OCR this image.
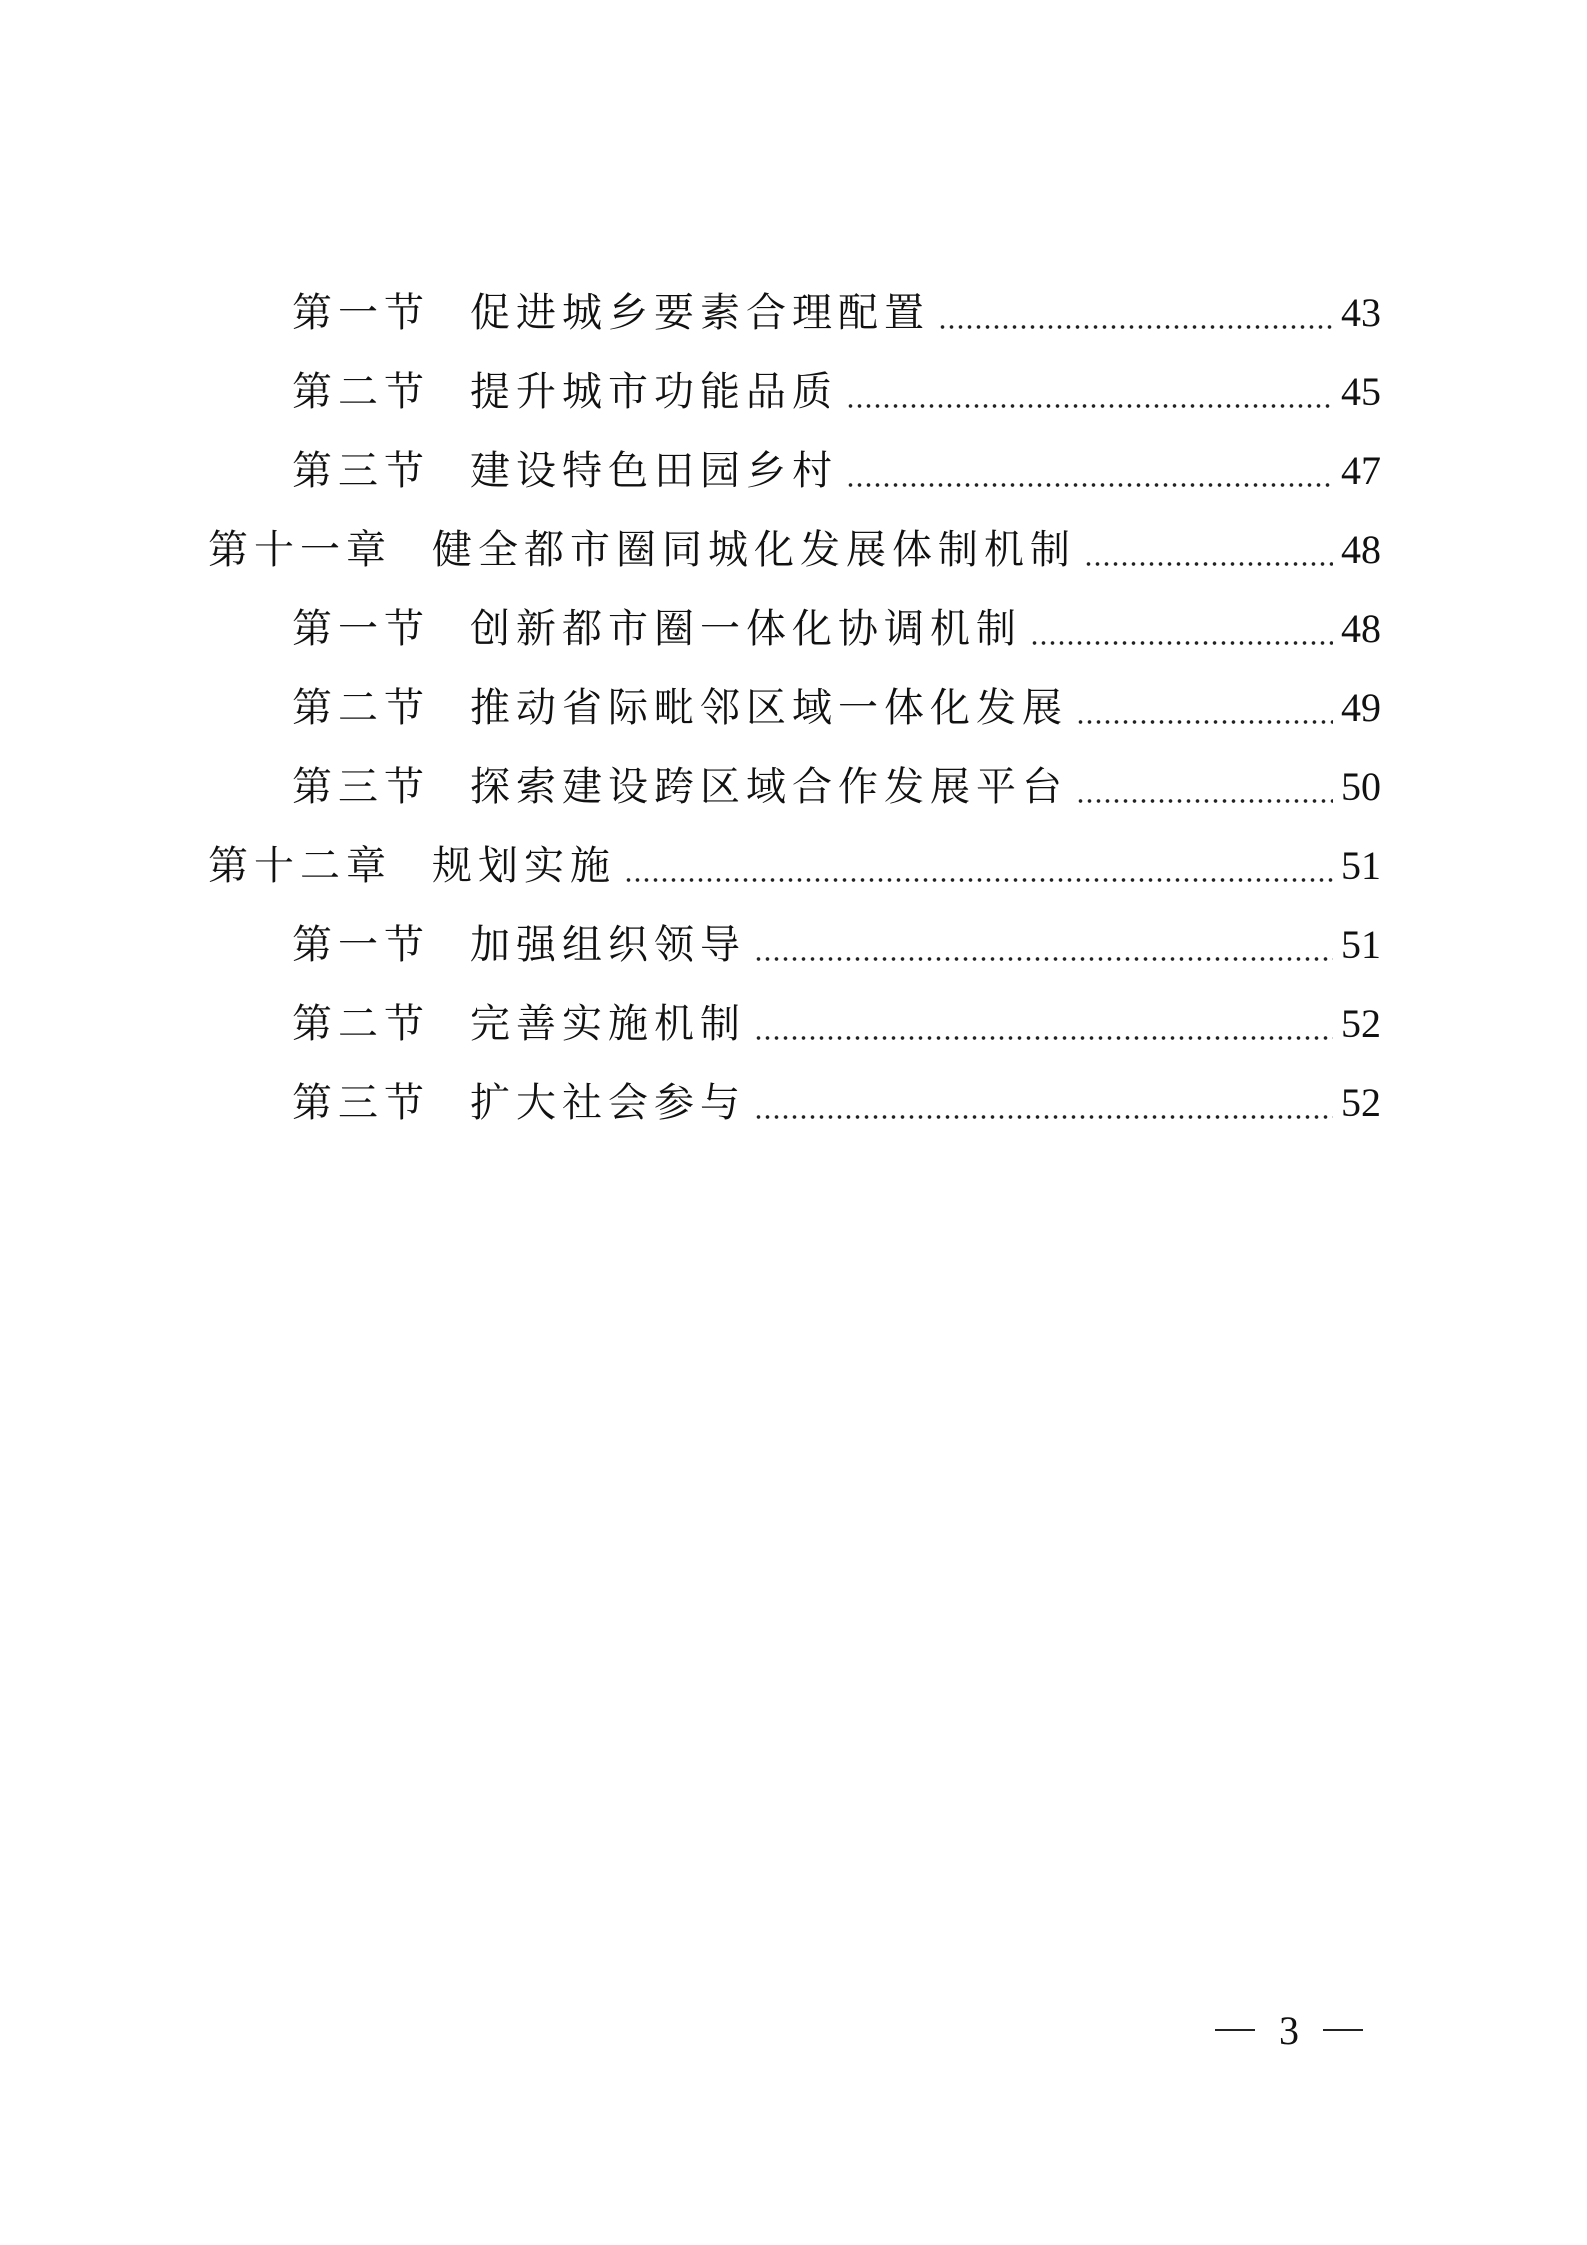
第一节 促进城乡要素合理配置	43
第二节 提升城市功能品质	45
第三节 建设特色田园乡村	47
第十一章 健全都市圈同城化发展体制机制	48
第一节 创新都市圈一体化协调机制	48
第二节 推动省际毗邻区域一体化发展	49
第三节 探索建设跨区域合作发展平台	50
第十二章 规划实施	51
第一节 加强组织领导	51
第二节 完善实施机制	52
第三节 扩大社会参与	52
3
